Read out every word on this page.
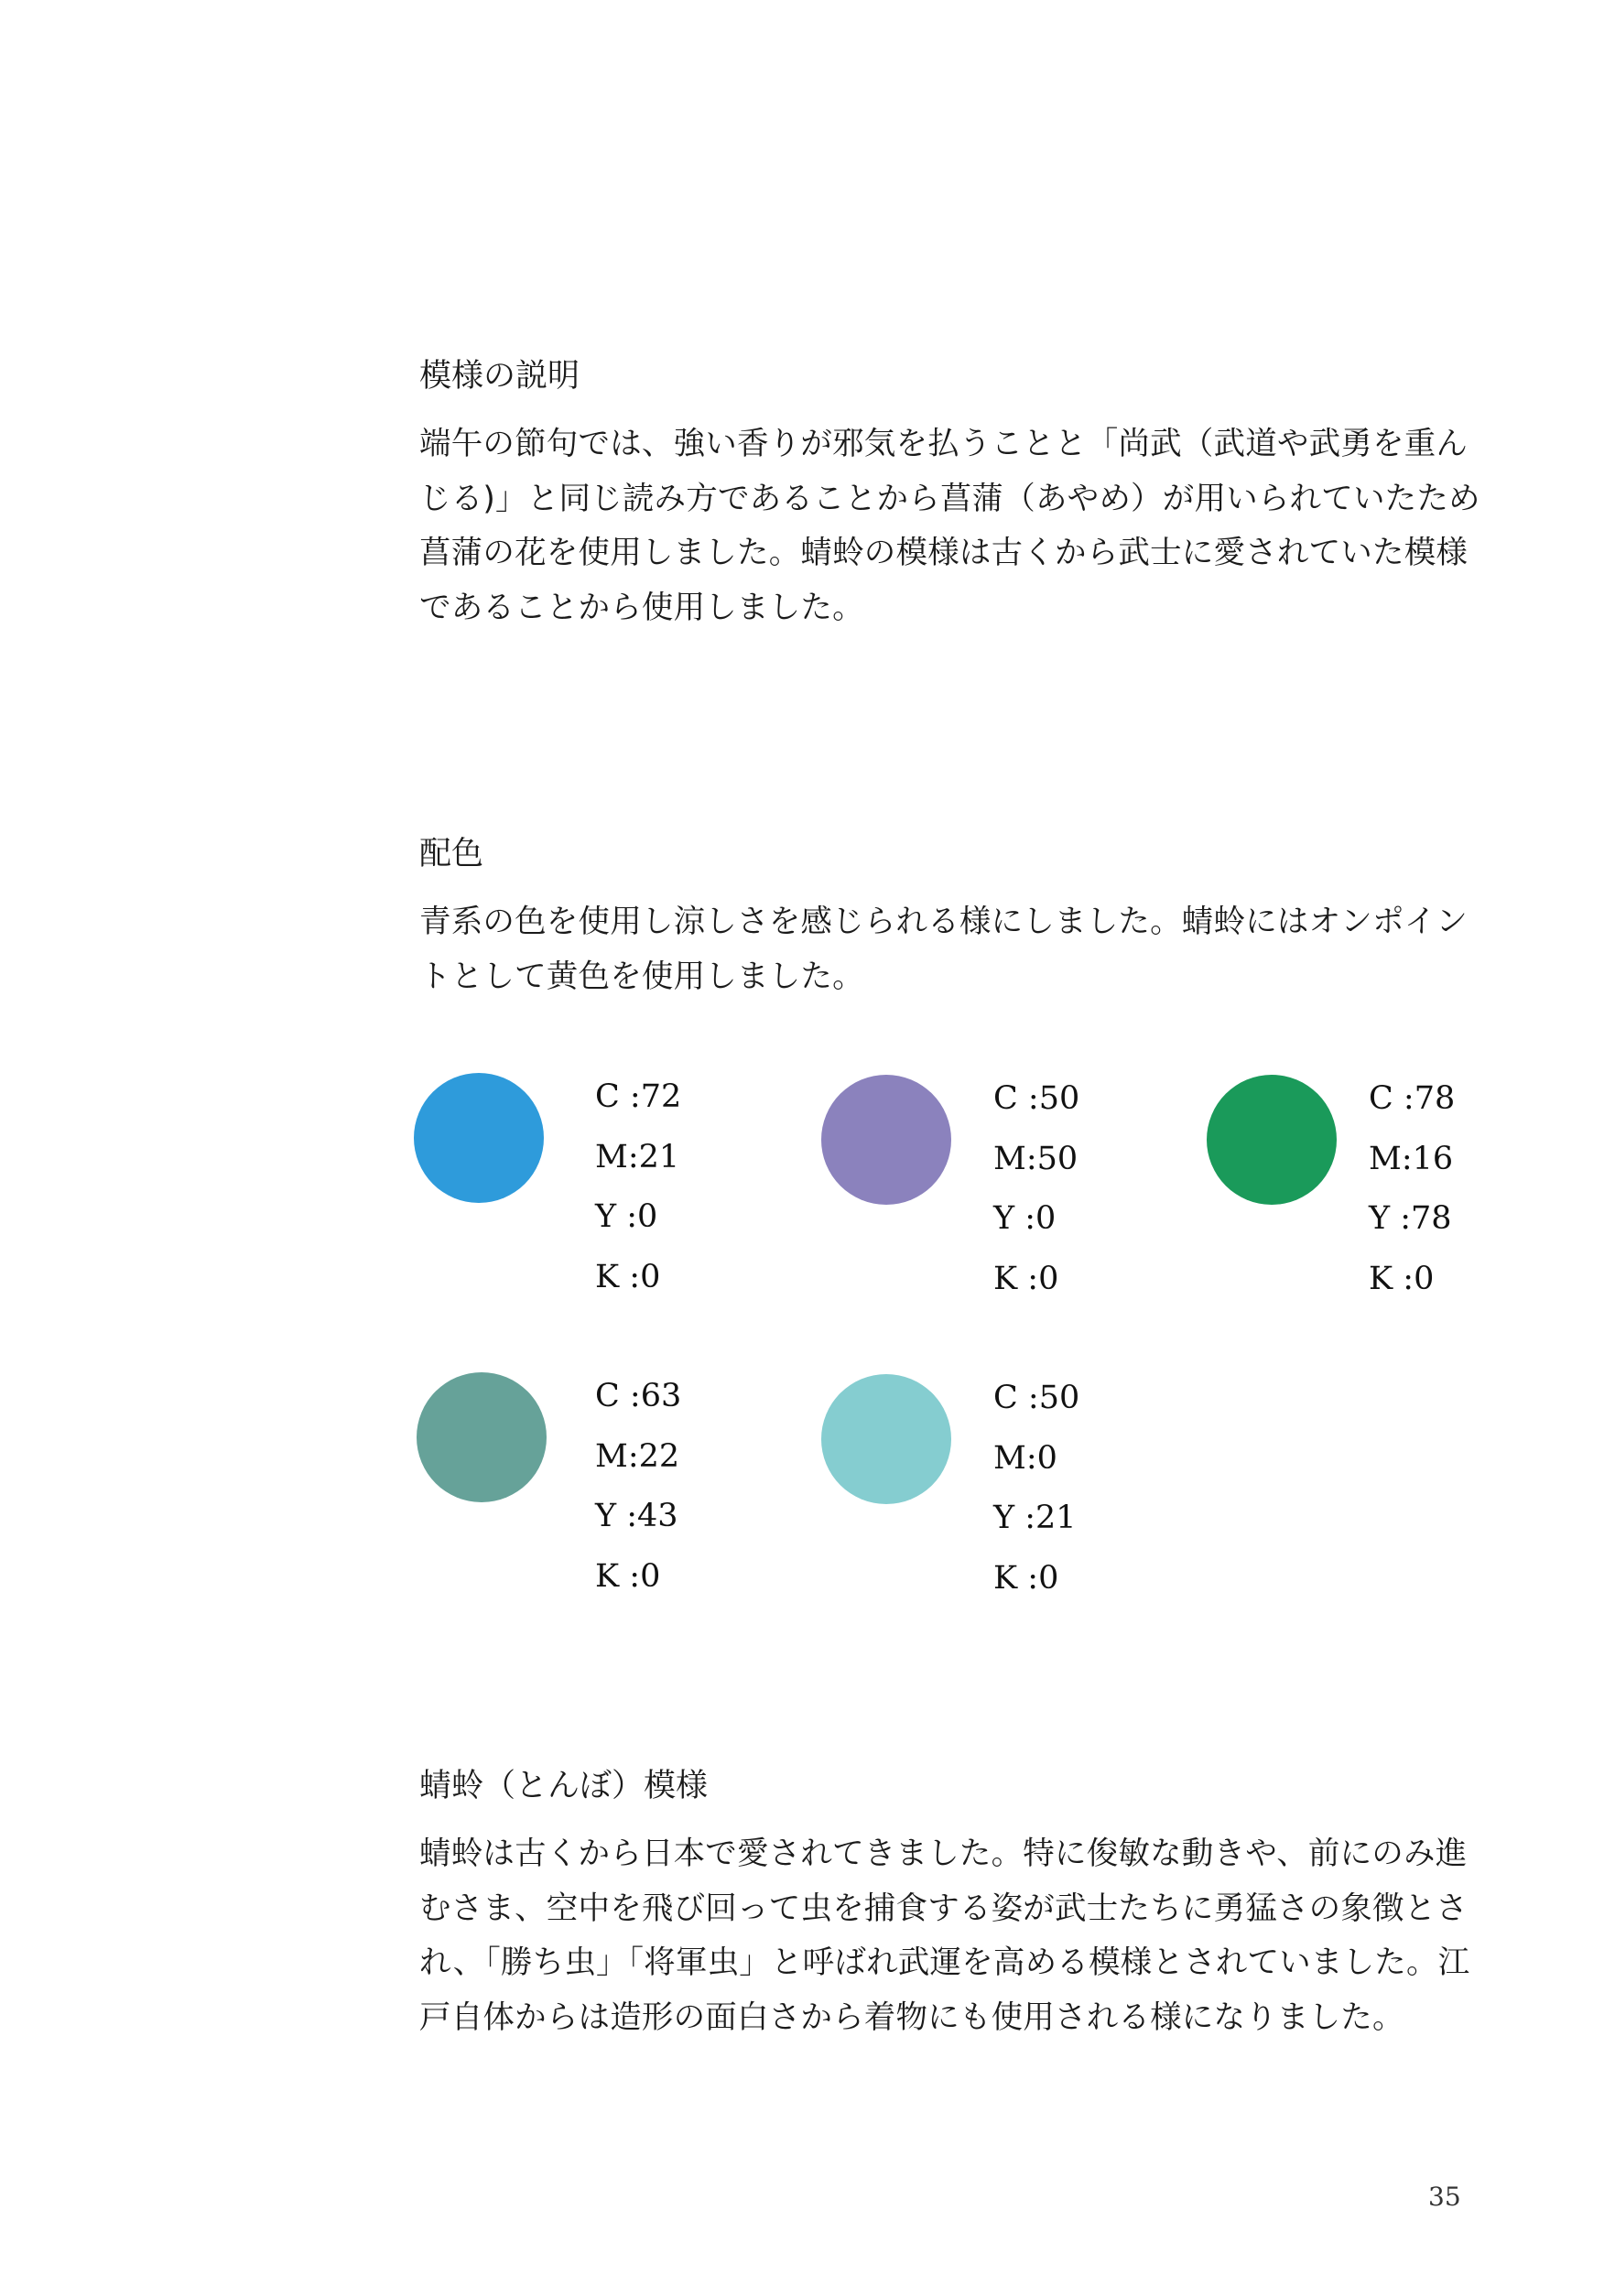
模様の説明

端午の節句では、強い香りが邪気を払うことと「尚武（武道や武勇を重ん
じる)」と同じ読み方であることから菖蒲（あやめ）が用いられていたため
菖蒲の花を使用しました。蜻蛉の模様は古くから武士に愛されていた模様
であることから使用しました。

配色

青系の色を使用し涼しさを感じられる様にしました。蜻蛉にはオンポイン
トとして黄色を使用しました。

C :72
M:21
Y :0
K :0
C :50
M:50
Y :0
K :0
C :78
M:16
Y :78
K :0
C :63
M:22
Y :43
K :0
C :50
M:0
Y :21
K :0
蜻蛉（とんぼ）模様

蜻蛉は古くから日本で愛されてきました。特に俊敏な動きや、前にのみ進
むさま、空中を飛び回って虫を捕食する姿が武士たちに勇猛さの象徴とさ
れ、「勝ち虫」「将軍虫」と呼ばれ武運を高める模様とされていました。江
戸自体からは造形の面白さから着物にも使用される様になりました。

35
